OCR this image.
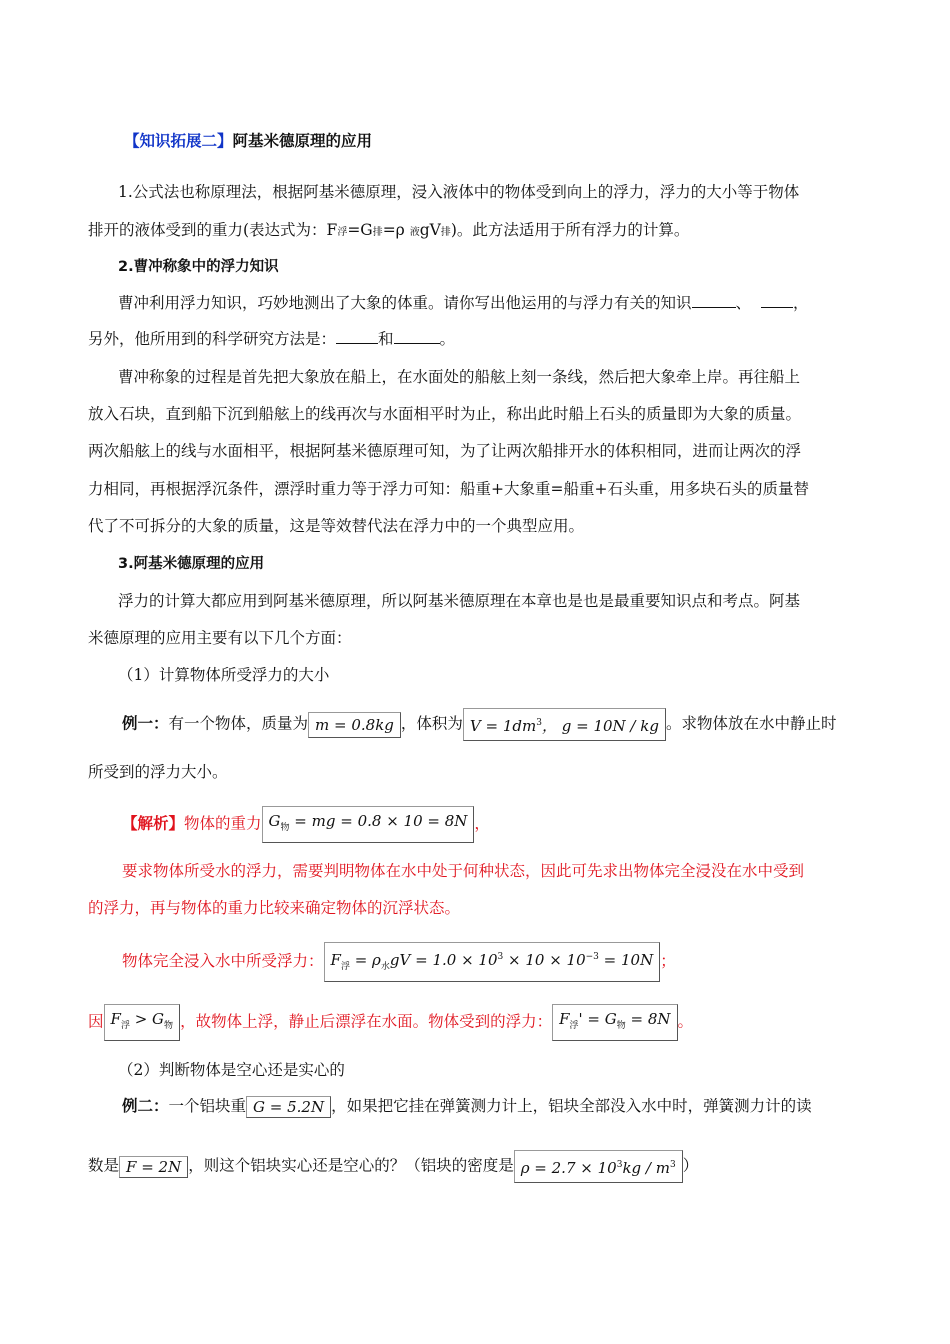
【知识拓展二】阿基米德原理的应用
1.公式法也称原理法，根据阿基米德原理，浸入液体中的物体受到向上的浮力，浮力的大小等于物体
排开的液体受到的重力(表达式为：F浮=G排=ρ 液gV排)。此方法适用于所有浮力的计算。
2.曹冲称象中的浮力知识
曹冲利用浮力知识，巧妙地测出了大象的体重。请你写出他运用的与浮力有关的知识	、	，
另外，他所用到的科学研究方法是：	和	。
曹冲称象的过程是首先把大象放在船上，在水面处的船舷上刻一条线，然后把大象牵上岸。再往船上
放入石块，直到船下沉到船舷上的线再次与水面相平时为止，称出此时船上石头的质量即为大象的质量。
两次船舷上的线与水面相平，根据阿基米德原理可知，为了让两次船排开水的体积相同，进而让两次的浮
力相同，再根据浮沉条件，漂浮时重力等于浮力可知：船重+大象重=船重+石头重，用多块石头的质量替
代了不可拆分的大象的质量，这是等效替代法在浮力中的一个典型应用。
3.阿基米德原理的应用
浮力的计算大都应用到阿基米德原理，所以阿基米德原理在本章也是也是最重要知识点和考点。阿基
米德原理的应用主要有以下几个方面：
（1）计算物体所受浮力的大小
例一：有一个物体，质量为 m = 0.8kg ，体积为 $V = 1dm^3$， g = 10N / kg 。求物体放在水中静止时
所受到的浮力大小。
【解析】物体的重力 $G_物$ = mg = 0.8 × 10 = 8N ，
要求物体所受水的浮力，需要判明物体在水中处于何种状态，因此可先求出物体完全浸没在水中受到
的浮力，再与物体的重力比较来确定物体的沉浮状态。
物体完全浸入水中所受浮力： $F_浮 = \rho_水gV = 1.0 \times 10^3 \times 10 \times 10^{-3} = 10N$ ；
因 $F_浮 > G_物$ ，故物体上浮，静止后漂浮在水面。物体受到的浮力： $F_浮' = G_物 = 8N$ 。
（2）判断物体是空心还是实心的
例二：一个铝块重 G = 5.2N ，如果把它挂在弹簧测力计上，铝块全部没入水中时，弹簧测力计的读
数是 F = 2N ，则这个铝块实心还是空心的？（铝块的密度是 $\rho = 2.7 \times 10^3kg / m^3$ ）
